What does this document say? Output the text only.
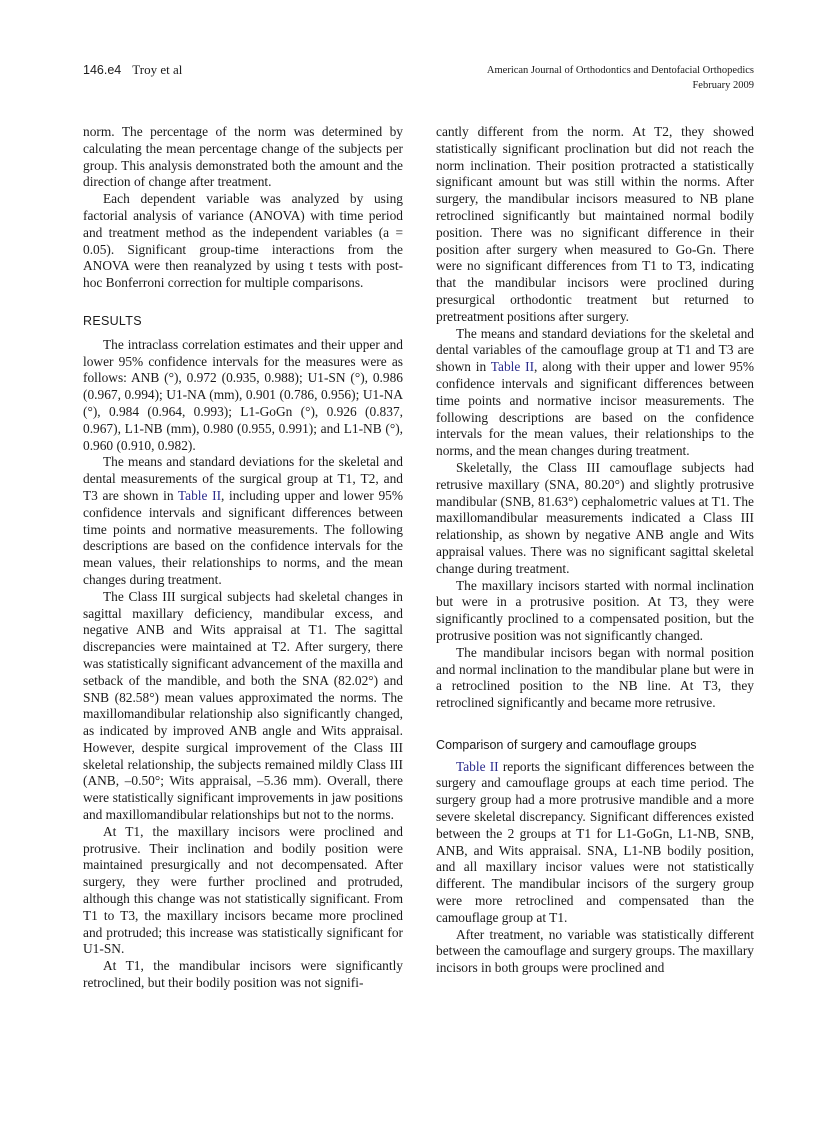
146.e4 Troy et al	American Journal of Orthodontics and Dentofacial Orthopedics
February 2009

norm. The percentage of the norm was determined by calculating the mean percentage change of the subjects per group. This analysis demonstrated both the amount and the direction of change after treatment.

Each dependent variable was analyzed by using factorial analysis of variance (ANOVA) with time period and treatment method as the independent variables (a = 0.05). Significant group-time interactions from the ANOVA were then reanalyzed by using t tests with post-hoc Bonferroni correction for multiple comparisons.

RESULTS

The intraclass correlation estimates and their upper and lower 95% confidence intervals for the measures were as follows: ANB (°), 0.972 (0.935, 0.988); U1-SN (°), 0.986 (0.967, 0.994); U1-NA (mm), 0.901 (0.786, 0.956); U1-NA (°), 0.984 (0.964, 0.993); L1-GoGn (°), 0.926 (0.837, 0.967), L1-NB (mm), 0.980 (0.955, 0.991); and L1-NB (°), 0.960 (0.910, 0.982).

The means and standard deviations for the skeletal and dental measurements of the surgical group at T1, T2, and T3 are shown in Table II, including upper and lower 95% confidence intervals and significant differences between time points and normative measurements. The following descriptions are based on the confidence intervals for the mean values, their relationships to norms, and the mean changes during treatment.

The Class III surgical subjects had skeletal changes in sagittal maxillary deficiency, mandibular excess, and negative ANB and Wits appraisal at T1. The sagittal discrepancies were maintained at T2. After surgery, there was statistically significant advancement of the maxilla and setback of the mandible, and both the SNA (82.02°) and SNB (82.58°) mean values approximated the norms. The maxillomandibular relationship also significantly changed, as indicated by improved ANB angle and Wits appraisal. However, despite surgical improvement of the Class III skeletal relationship, the subjects remained mildly Class III (ANB, –0.50°; Wits appraisal, –5.36 mm). Overall, there were statistically significant improvements in jaw positions and maxillomandibular relationships but not to the norms.

At T1, the maxillary incisors were proclined and protrusive. Their inclination and bodily position were maintained presurgically and not decompensated. After surgery, they were further proclined and protruded, although this change was not statistically significant. From T1 to T3, the maxillary incisors became more proclined and protruded; this increase was statistically significant for U1-SN.

At T1, the mandibular incisors were significantly retroclined, but their bodily position was not signifi-

cantly different from the norm. At T2, they showed statistically significant proclination but did not reach the norm inclination. Their position protracted a statistically significant amount but was still within the norms. After surgery, the mandibular incisors measured to NB plane retroclined significantly but maintained normal bodily position. There was no significant difference in their position after surgery when measured to Go-Gn. There were no significant differences from T1 to T3, indicating that the mandibular incisors were proclined during presurgical orthodontic treatment but returned to pretreatment positions after surgery.

The means and standard deviations for the skeletal and dental variables of the camouflage group at T1 and T3 are shown in Table II, along with their upper and lower 95% confidence intervals and significant differences between time points and normative incisor measurements. The following descriptions are based on the confidence intervals for the mean values, their relationships to the norms, and the mean changes during treatment.

Skeletally, the Class III camouflage subjects had retrusive maxillary (SNA, 80.20°) and slightly protrusive mandibular (SNB, 81.63°) cephalometric values at T1. The maxillomandibular measurements indicated a Class III relationship, as shown by negative ANB angle and Wits appraisal values. There was no significant sagittal skeletal change during treatment.

The maxillary incisors started with normal inclination but were in a protrusive position. At T3, they were significantly proclined to a compensated position, but the protrusive position was not significantly changed.

The mandibular incisors began with normal position and normal inclination to the mandibular plane but were in a retroclined position to the NB line. At T3, they retroclined significantly and became more retrusive.

Comparison of surgery and camouflage groups

Table II reports the significant differences between the surgery and camouflage groups at each time period. The surgery group had a more protrusive mandible and a more severe skeletal discrepancy. Significant differences existed between the 2 groups at T1 for L1-GoGn, L1-NB, SNB, ANB, and Wits appraisal. SNA, L1-NB bodily position, and all maxillary incisor values were not statistically different. The mandibular incisors of the surgery group were more retroclined and compensated than the camouflage group at T1.

After treatment, no variable was statistically different between the camouflage and surgery groups. The maxillary incisors in both groups were proclined and
